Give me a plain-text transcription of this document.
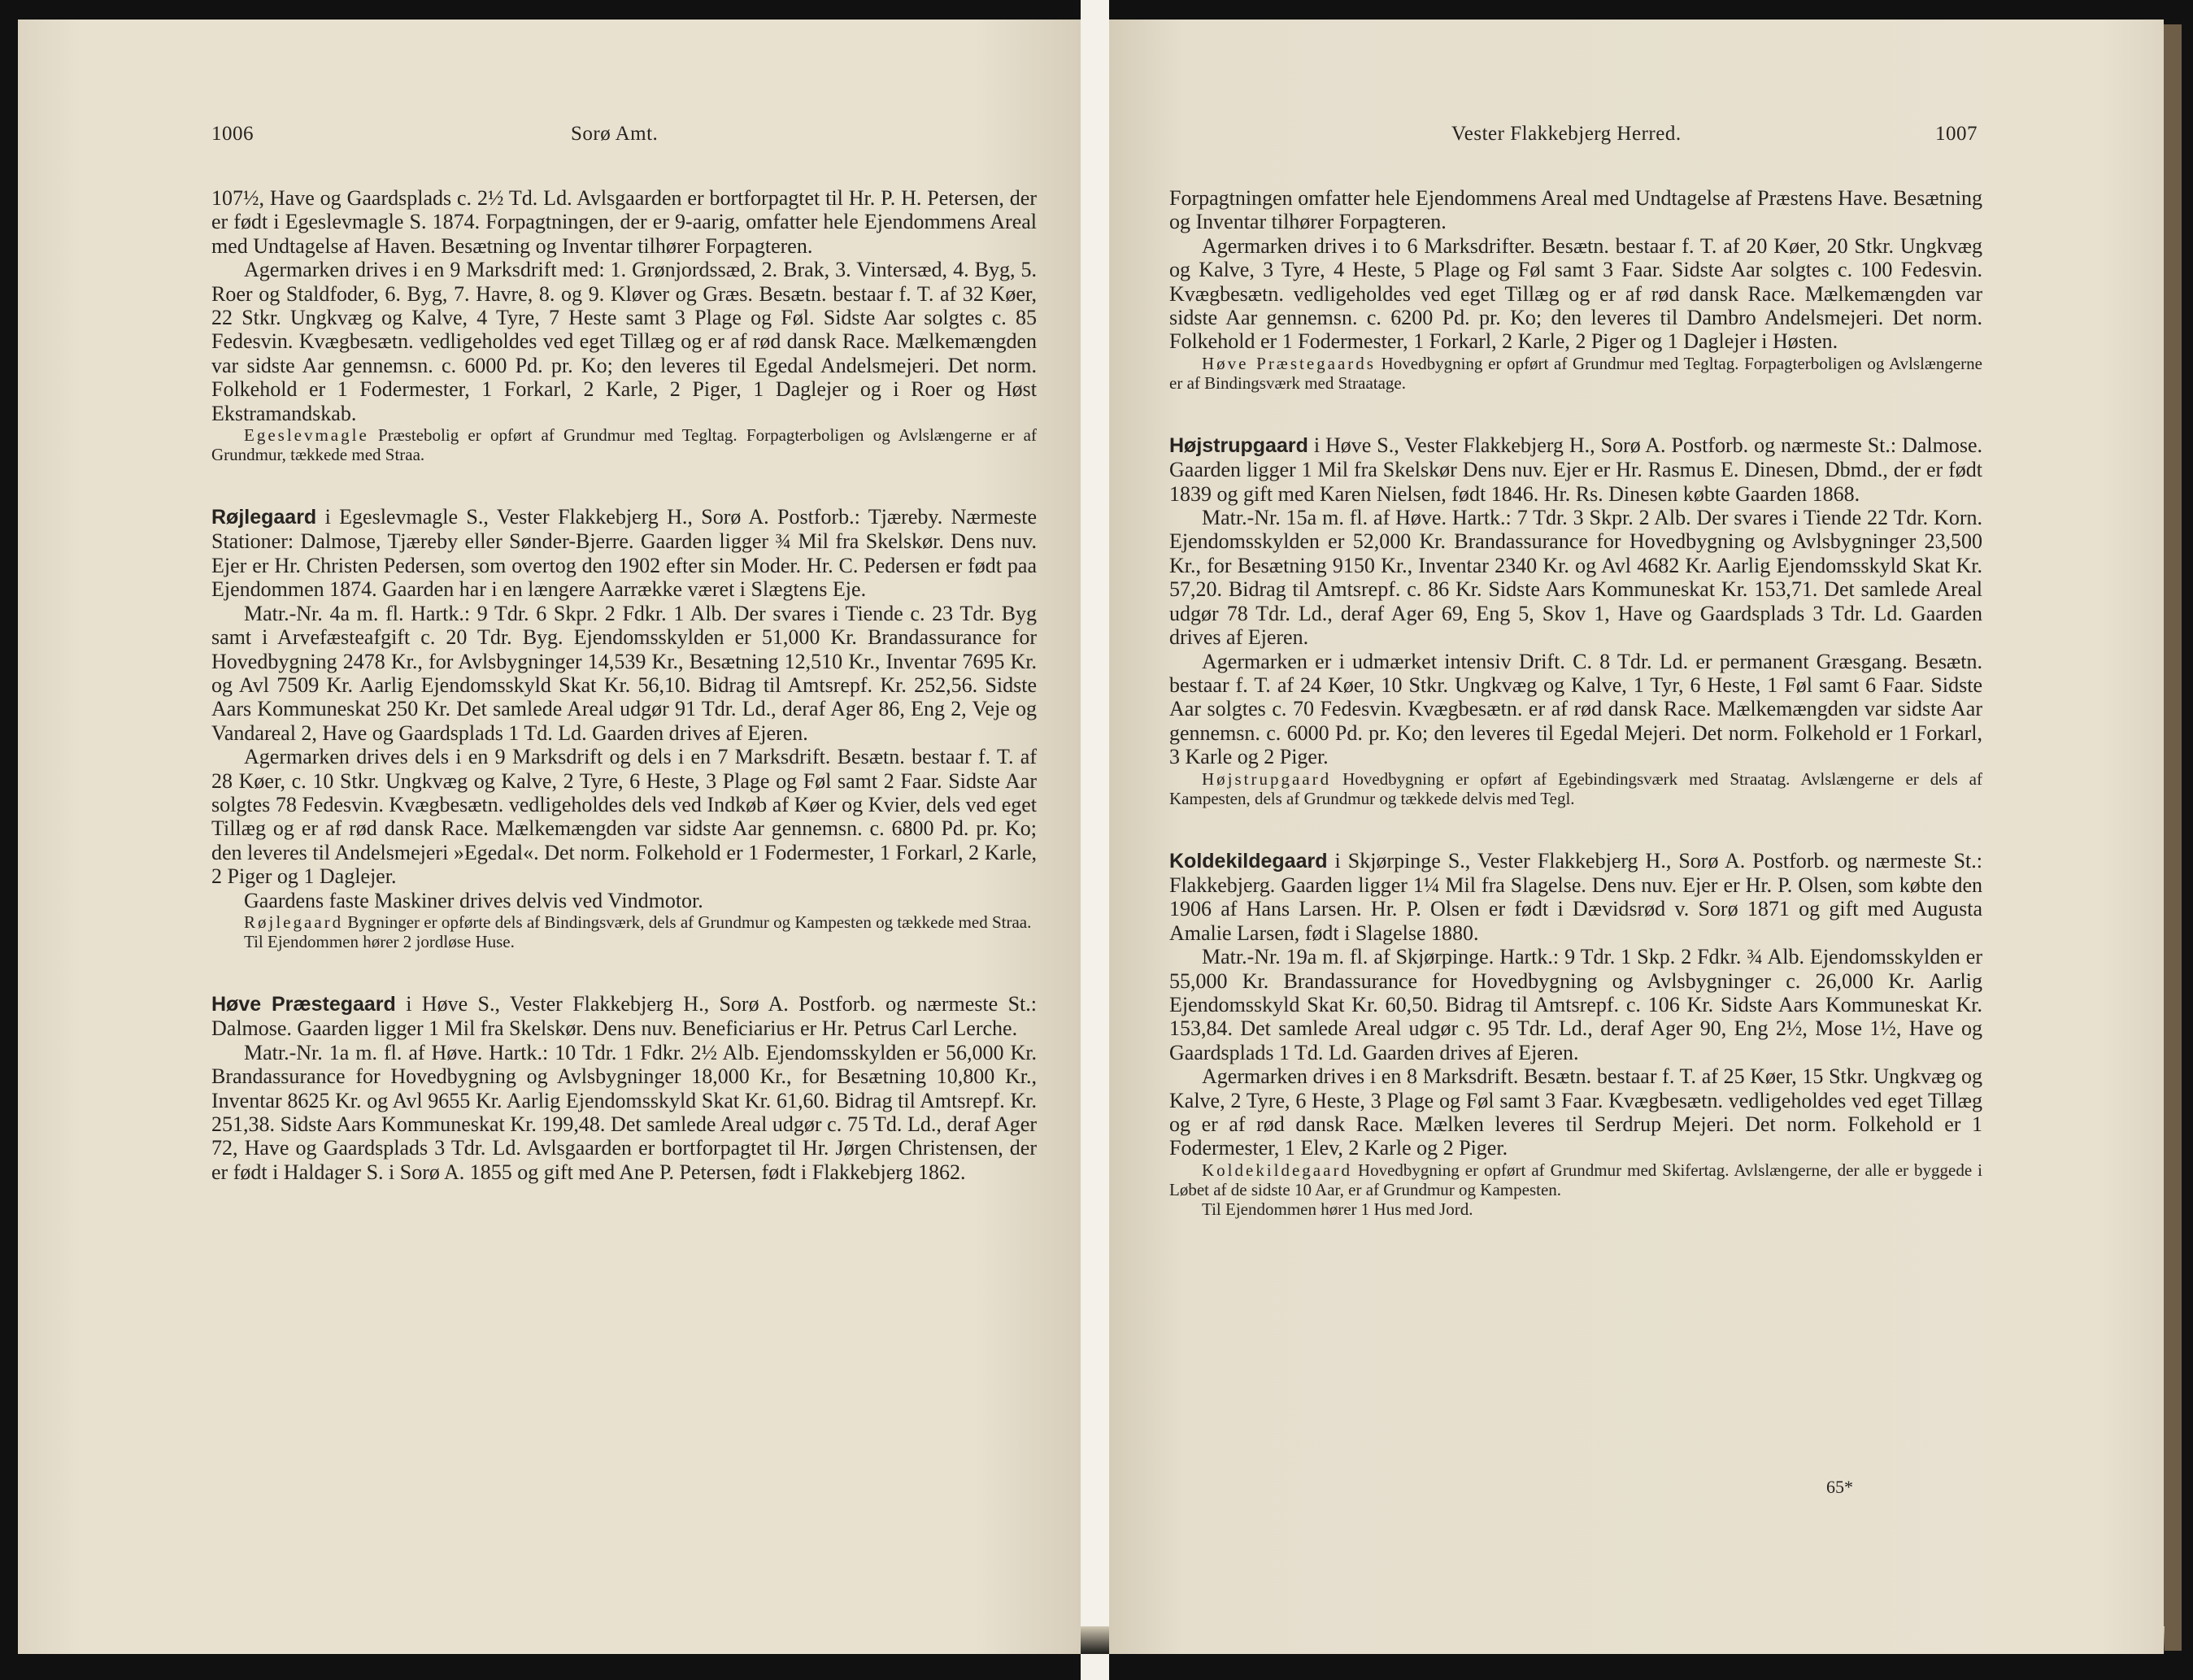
1006	Sorø Amt.

107½, Have og Gaardsplads c. 2½ Td. Ld. Avlsgaarden er bortforpagtet til Hr. P. H. Petersen, der er født i Egeslevmagle S. 1874. Forpagtningen, der er 9-aarig, omfatter hele Ejendommens Areal med Undtagelse af Haven. Besætning og Inventar tilhører Forpagteren.

Agermarken drives i en 9 Marksdrift med: 1. Grønjordssæd, 2. Brak, 3. Vintersæd, 4. Byg, 5. Roer og Staldfoder, 6. Byg, 7. Havre, 8. og 9. Kløver og Græs. Besætn. bestaar f. T. af 32 Køer, 22 Stkr. Ungkvæg og Kalve, 4 Tyre, 7 Heste samt 3 Plage og Føl. Sidste Aar solgtes c. 85 Fedesvin. Kvægbesætn. vedligeholdes ved eget Tillæg og er af rød dansk Race. Mælkemængden var sidste Aar gennemsn. c. 6000 Pd. pr. Ko; den leveres til Egedal Andelsmejeri. Det norm. Folkehold er 1 Fodermester, 1 Forkarl, 2 Karle, 2 Piger, 1 Daglejer og i Roer og Høst Ekstramandskab.

Egeslevmagle Præstebolig er opført af Grundmur med Tegltag. Forpagterboligen og Avlslængerne er af Grundmur, tækkede med Straa.

Røjlegaard i Egeslevmagle S., Vester Flakkebjerg H., Sorø A. Postforb.: Tjæreby. Nærmeste Stationer: Dalmose, Tjæreby eller Sønder-Bjerre. Gaarden ligger ¾ Mil fra Skelskør. Dens nuv. Ejer er Hr. Christen Pedersen, som overtog den 1902 efter sin Moder. Hr. C. Pedersen er født paa Ejendommen 1874. Gaarden har i en længere Aarrække været i Slægtens Eje.

Matr.-Nr. 4a m. fl. Hartk.: 9 Tdr. 6 Skpr. 2 Fdkr. 1 Alb. Der svares i Tiende c. 23 Tdr. Byg samt i Arvefæsteafgift c. 20 Tdr. Byg. Ejendomsskylden er 51,000 Kr. Brandassurance for Hovedbygning 2478 Kr., for Avlsbygninger 14,539 Kr., Besætning 12,510 Kr., Inventar 7695 Kr. og Avl 7509 Kr. Aarlig Ejendomsskyld Skat Kr. 56,10. Bidrag til Amtsrepf. Kr. 252,56. Sidste Aars Kommuneskat 250 Kr. Det samlede Areal udgør 91 Tdr. Ld., deraf Ager 86, Eng 2, Veje og Vandareal 2, Have og Gaardsplads 1 Td. Ld. Gaarden drives af Ejeren.

Agermarken drives dels i en 9 Marksdrift og dels i en 7 Marksdrift. Besætn. bestaar f. T. af 28 Køer, c. 10 Stkr. Ungkvæg og Kalve, 2 Tyre, 6 Heste, 3 Plage og Føl samt 2 Faar. Sidste Aar solgtes 78 Fedesvin. Kvægbesætn. vedligeholdes dels ved Indkøb af Køer og Kvier, dels ved eget Tillæg og er af rød dansk Race. Mælkemængden var sidste Aar gennemsn. c. 6800 Pd. pr. Ko; den leveres til Andelsmejeri »Egedal«. Det norm. Folkehold er 1 Fodermester, 1 Forkarl, 2 Karle, 2 Piger og 1 Daglejer.

Gaardens faste Maskiner drives delvis ved Vindmotor.

Røjlegaard Bygninger er opførte dels af Bindingsværk, dels af Grundmur og Kampesten og tækkede med Straa.

Til Ejendommen hører 2 jordløse Huse.

Høve Præstegaard i Høve S., Vester Flakkebjerg H., Sorø A. Postforb. og nærmeste St.: Dalmose. Gaarden ligger 1 Mil fra Skelskør. Dens nuv. Beneficiarius er Hr. Petrus Carl Lerche.

Matr.-Nr. 1a m. fl. af Høve. Hartk.: 10 Tdr. 1 Fdkr. 2½ Alb. Ejendomsskylden er 56,000 Kr. Brandassurance for Hovedbygning og Avlsbygninger 18,000 Kr., for Besætning 10,800 Kr., Inventar 8625 Kr. og Avl 9655 Kr. Aarlig Ejendomsskyld Skat Kr. 61,60. Bidrag til Amtsrepf. Kr. 251,38. Sidste Aars Kommuneskat Kr. 199,48. Det samlede Areal udgør c. 75 Td. Ld., deraf Ager 72, Have og Gaardsplads 3 Tdr. Ld. Avlsgaarden er bortforpagtet til Hr. Jørgen Christensen, der er født i Haldager S. i Sorø A. 1855 og gift med Ane P. Petersen, født i Flakkebjerg 1862.

Vester Flakkebjerg Herred.	1007

Forpagtningen omfatter hele Ejendommens Areal med Undtagelse af Præstens Have. Besætning og Inventar tilhører Forpagteren.

Agermarken drives i to 6 Marksdrifter. Besætn. bestaar f. T. af 20 Køer, 20 Stkr. Ungkvæg og Kalve, 3 Tyre, 4 Heste, 5 Plage og Føl samt 3 Faar. Sidste Aar solgtes c. 100 Fedesvin. Kvægbesætn. vedligeholdes ved eget Tillæg og er af rød dansk Race. Mælkemængden var sidste Aar gennemsn. c. 6200 Pd. pr. Ko; den leveres til Dambro Andelsmejeri. Det norm. Folkehold er 1 Fodermester, 1 Forkarl, 2 Karle, 2 Piger og 1 Daglejer i Høsten.

Høve Præstegaards Hovedbygning er opført af Grundmur med Tegltag. Forpagterboligen og Avlslængerne er af Bindingsværk med Straatage.

Højstrupgaard i Høve S., Vester Flakkebjerg H., Sorø A. Postforb. og nærmeste St.: Dalmose. Gaarden ligger 1 Mil fra Skelskør Dens nuv. Ejer er Hr. Rasmus E. Dinesen, Dbmd., der er født 1839 og gift med Karen Nielsen, født 1846. Hr. Rs. Dinesen købte Gaarden 1868.

Matr.-Nr. 15a m. fl. af Høve. Hartk.: 7 Tdr. 3 Skpr. 2 Alb. Der svares i Tiende 22 Tdr. Korn. Ejendomsskylden er 52,000 Kr. Brandassurance for Hovedbygning og Avlsbygninger 23,500 Kr., for Besætning 9150 Kr., Inventar 2340 Kr. og Avl 4682 Kr. Aarlig Ejendomsskyld Skat Kr. 57,20. Bidrag til Amtsrepf. c. 86 Kr. Sidste Aars Kommuneskat Kr. 153,71. Det samlede Areal udgør 78 Tdr. Ld., deraf Ager 69, Eng 5, Skov 1, Have og Gaardsplads 3 Tdr. Ld. Gaarden drives af Ejeren.

Agermarken er i udmærket intensiv Drift. C. 8 Tdr. Ld. er permanent Græsgang. Besætn. bestaar f. T. af 24 Køer, 10 Stkr. Ungkvæg og Kalve, 1 Tyr, 6 Heste, 1 Føl samt 6 Faar. Sidste Aar solgtes c. 70 Fedesvin. Kvægbesætn. er af rød dansk Race. Mælkemængden var sidste Aar gennemsn. c. 6000 Pd. pr. Ko; den leveres til Egedal Mejeri. Det norm. Folkehold er 1 Forkarl, 3 Karle og 2 Piger.

Højstrupgaard Hovedbygning er opført af Egebindingsværk med Straatag. Avlslængerne er dels af Kampesten, dels af Grundmur og tækkede delvis med Tegl.

Koldekildegaard i Skjørpinge S., Vester Flakkebjerg H., Sorø A. Postforb. og nærmeste St.: Flakkebjerg. Gaarden ligger 1¼ Mil fra Slagelse. Dens nuv. Ejer er Hr. P. Olsen, som købte den 1906 af Hans Larsen. Hr. P. Olsen er født i Dævidsrød v. Sorø 1871 og gift med Augusta Amalie Larsen, født i Slagelse 1880.

Matr.-Nr. 19a m. fl. af Skjørpinge. Hartk.: 9 Tdr. 1 Skp. 2 Fdkr. ¾ Alb. Ejendomsskylden er 55,000 Kr. Brandassurance for Hovedbygning og Avlsbygninger c. 26,000 Kr. Aarlig Ejendomsskyld Skat Kr. 60,50. Bidrag til Amtsrepf. c. 106 Kr. Sidste Aars Kommuneskat Kr. 153,84. Det samlede Areal udgør c. 95 Tdr. Ld., deraf Ager 90, Eng 2½, Mose 1½, Have og Gaardsplads 1 Td. Ld. Gaarden drives af Ejeren.

Agermarken drives i en 8 Marksdrift. Besætn. bestaar f. T. af 25 Køer, 15 Stkr. Ungkvæg og Kalve, 2 Tyre, 6 Heste, 3 Plage og Føl samt 3 Faar. Kvægbesætn. vedligeholdes ved eget Tillæg og er af rød dansk Race. Mælken leveres til Serdrup Mejeri. Det norm. Folkehold er 1 Fodermester, 1 Elev, 2 Karle og 2 Piger.

Koldekildegaard Hovedbygning er opført af Grundmur med Skifertag. Avlslængerne, der alle er byggede i Løbet af de sidste 10 Aar, er af Grundmur og Kampesten.

Til Ejendommen hører 1 Hus med Jord.

65*
